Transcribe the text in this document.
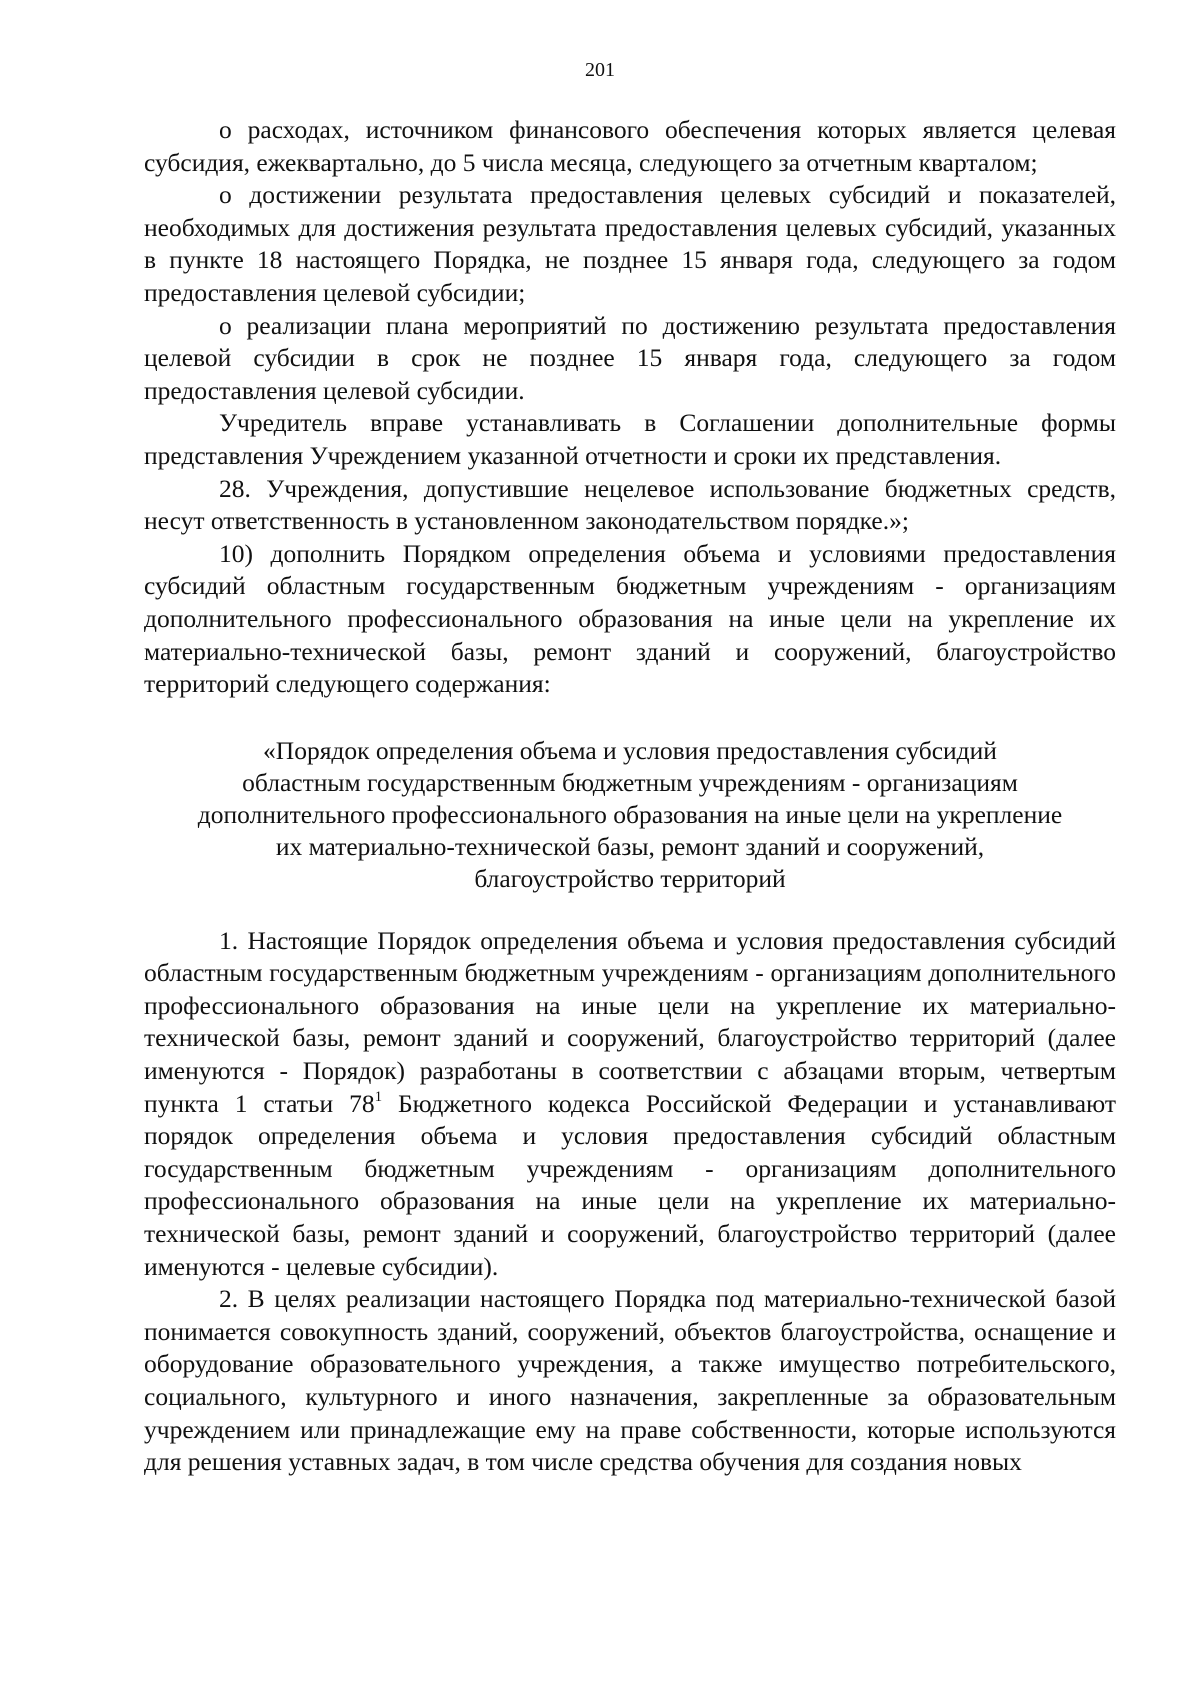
201

о расходах, источником финансового обеспечения которых является целевая субсидия, ежеквартально, до 5 числа месяца, следующего за отчетным кварталом;

о достижении результата предоставления целевых субсидий и показателей, необходимых для достижения результата предоставления целевых субсидий, указанных в пункте 18 настоящего Порядка, не позднее 15 января года, следующего за годом предоставления целевой субсидии;

о реализации плана мероприятий по достижению результата предоставления целевой субсидии в срок не позднее 15 января года, следующего за годом предоставления целевой субсидии.

Учредитель вправе устанавливать в Соглашении дополнительные формы представления Учреждением указанной отчетности и сроки их представления.

28. Учреждения, допустившие нецелевое использование бюджетных средств, несут ответственность в установленном законодательством порядке.»;

10) дополнить Порядком определения объема и условиями предоставления субсидий областным государственным бюджетным учреждениям - организациям дополнительного профессионального образования на иные цели на укрепление их материально-технической базы, ремонт зданий и сооружений, благоустройство территорий следующего содержания:

«Порядок определения объема и условия предоставления субсидий
областным государственным бюджетным учреждениям - организациям
дополнительного профессионального образования на иные цели на укрепление
их материально-технической базы, ремонт зданий и сооружений,
благоустройство территорий

1. Настоящие Порядок определения объема и условия предоставления субсидий областным государственным бюджетным учреждениям - организациям дополнительного профессионального образования на иные цели на укрепление их материально-технической базы, ремонт зданий и сооружений, благоустройство территорий (далее именуются - Порядок) разработаны в соответствии с абзацами вторым, четвертым пункта 1 статьи $78^1$ Бюджетного кодекса Российской Федерации и устанавливают порядок определения объема и условия предоставления субсидий областным государственным бюджетным учреждениям - организациям дополнительного профессионального образования на иные цели на укрепление их материально-технической базы, ремонт зданий и сооружений, благоустройство территорий (далее именуются - целевые субсидии).

2. В целях реализации настоящего Порядка под материально-технической базой понимается совокупность зданий, сооружений, объектов благоустройства, оснащение и оборудование образовательного учреждения, а также имущество потребительского, социального, культурного и иного назначения, закрепленные за образовательным учреждением или принадлежащие ему на праве собственности, которые используются для решения уставных задач, в том числе средства обучения для создания новых
